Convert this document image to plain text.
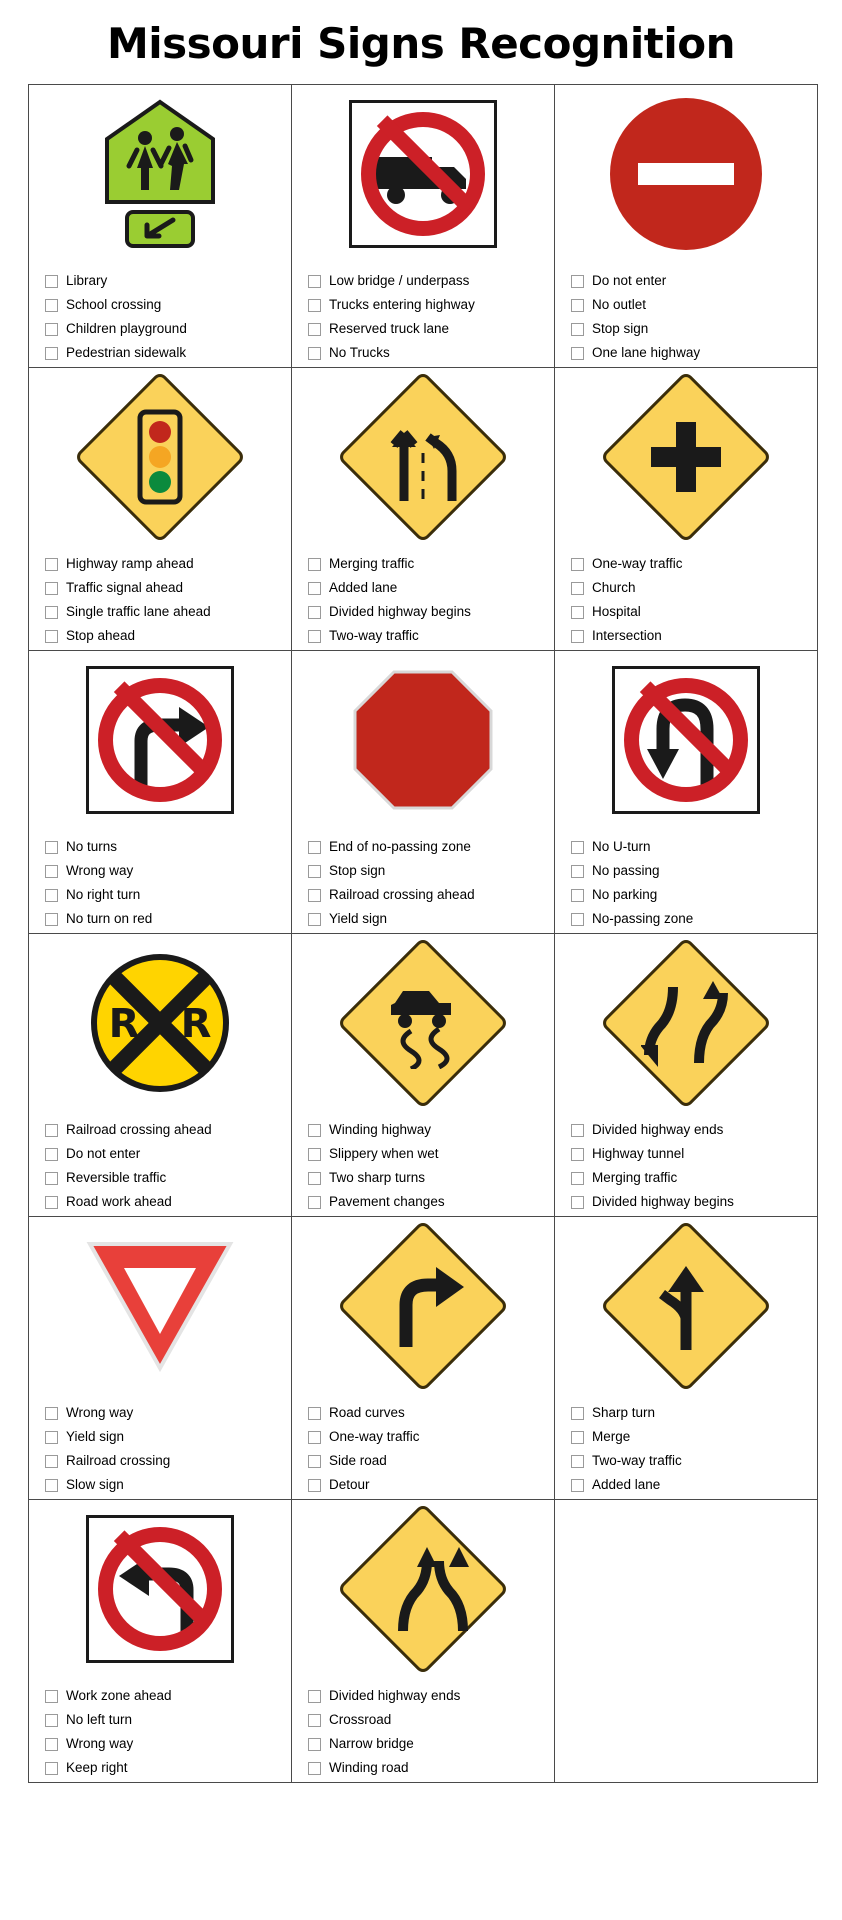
Missouri Signs Recognition
Library
School crossing
Children playground
Pedestrian sidewalk

Low bridge / underpass
Trucks entering highway
Reserved truck lane
No Trucks

Do not enter
No outlet
Stop sign
One lane highway

Highway ramp ahead
Traffic signal ahead
Single traffic lane ahead
Stop ahead

Merging traffic
Added lane
Divided highway begins
Two-way traffic

One-way traffic
Church
Hospital
Intersection

No turns
Wrong way
No right turn
No turn on red

End of no-passing zone
Stop sign
Railroad crossing ahead
Yield sign

No U-turn
No passing
No parking
No-passing zone

R R
Railroad crossing ahead
Do not enter
Reversible traffic
Road work ahead

Winding highway
Slippery when wet
Two sharp turns
Pavement changes

Divided highway ends
Highway tunnel
Merging traffic
Divided highway begins

Wrong way
Yield sign
Railroad crossing
Slow sign

Road curves
One-way traffic
Side road
Detour

Sharp turn
Merge
Two-way traffic
Added lane

Work zone ahead
No left turn
Wrong way
Keep right

Divided highway ends
Crossroad
Narrow bridge
Winding road
